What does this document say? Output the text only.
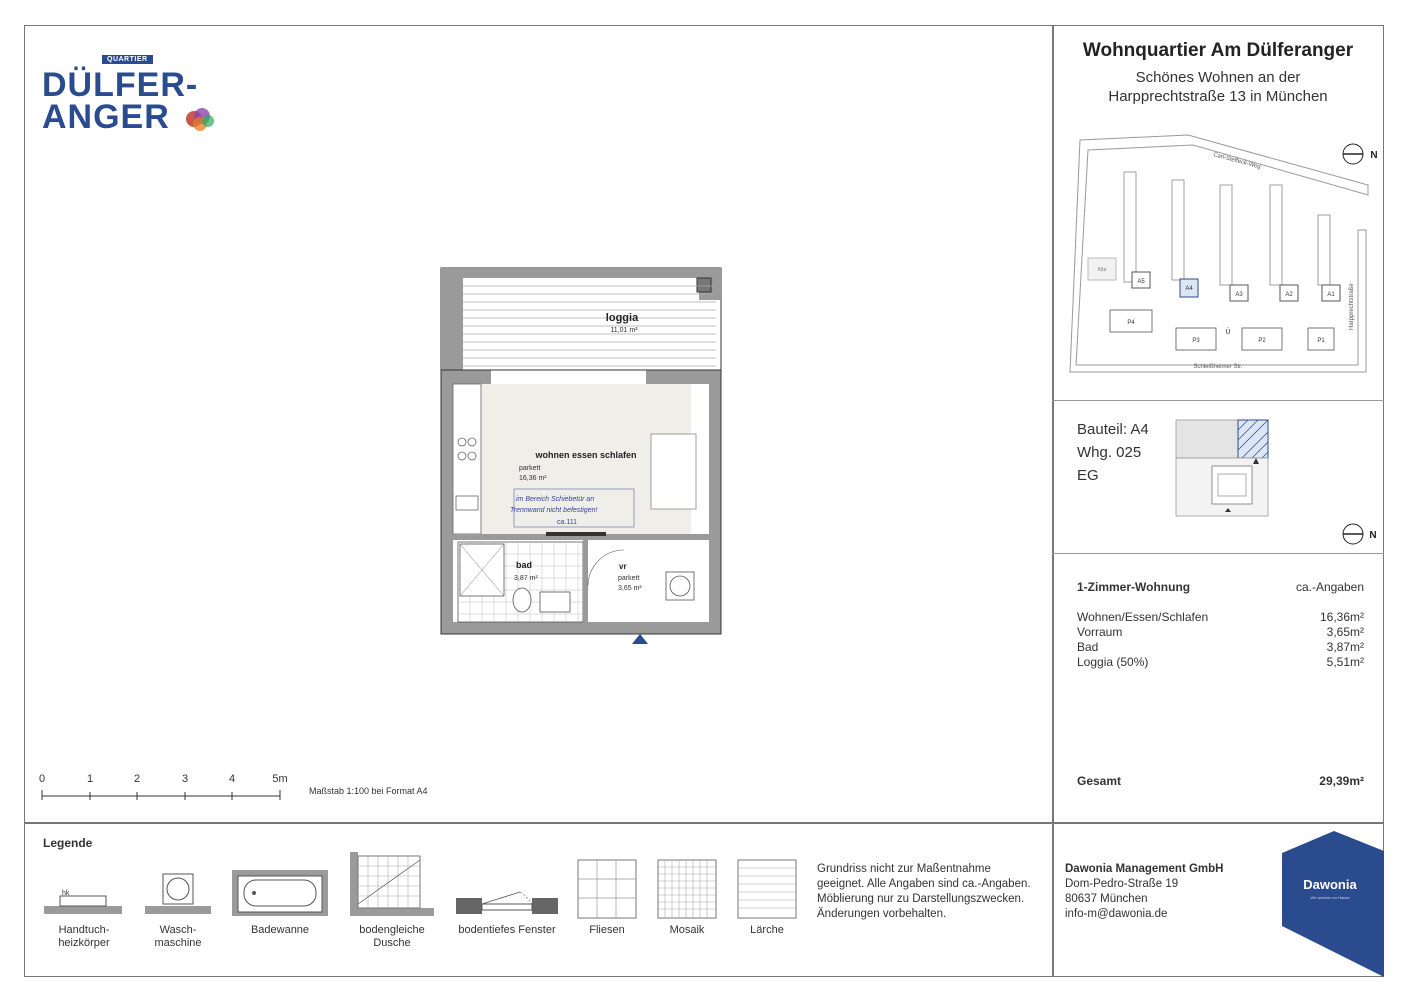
QUARTIER
DÜLFER-
ANGER
loggia
11,01 m²
wohnen essen schlafen
parkett
16,36 m²
im Bereich Schiebetür an
Trennwand nicht befestigen!
ca.111
bad
3,87 m²
vr
parkett
3,65 m²
Wohnquartier Am Dülferanger
Schönes Wohnen an der
Harpprechtstraße 13 in München
Carl-Steffeck-Weg
Harpprechtstraße
Schleißheimer Str.
A5
A4
A3	A2	A1
Kita
P4
P3	P2	P1
Ü
N
Bauteil: A4
Whg. 025
EG
N
1-Zimmer-Wohnung	ca.-Angaben
Wohnen/Essen/Schlafen	16,36m²
Vorraum	3,65m²
Bad	3,87m²
Loggia (50%)	5,51m²
Gesamt	29,39m²
0	1	2	3	4	5m
Maßstab 1:100 bei Format A4
Legende
hk
Handtuch-
heizkörper
Wasch-
maschine
Badewanne	bodengleiche
Dusche
bodentiefes Fenster	Fliesen	Mosaik	Lärche
Grundriss nicht zur Maßentnahme geeignet. Alle Angaben sind ca.-Angaben. Möblierung nur zu Darstellungszwecken. Änderungen vorbehalten.
Dawonia Management GmbH
Dom-Pedro-Straße 19
80637 München
info-m@dawonia.de
Dawonia
Wir wohnen zu Hause
